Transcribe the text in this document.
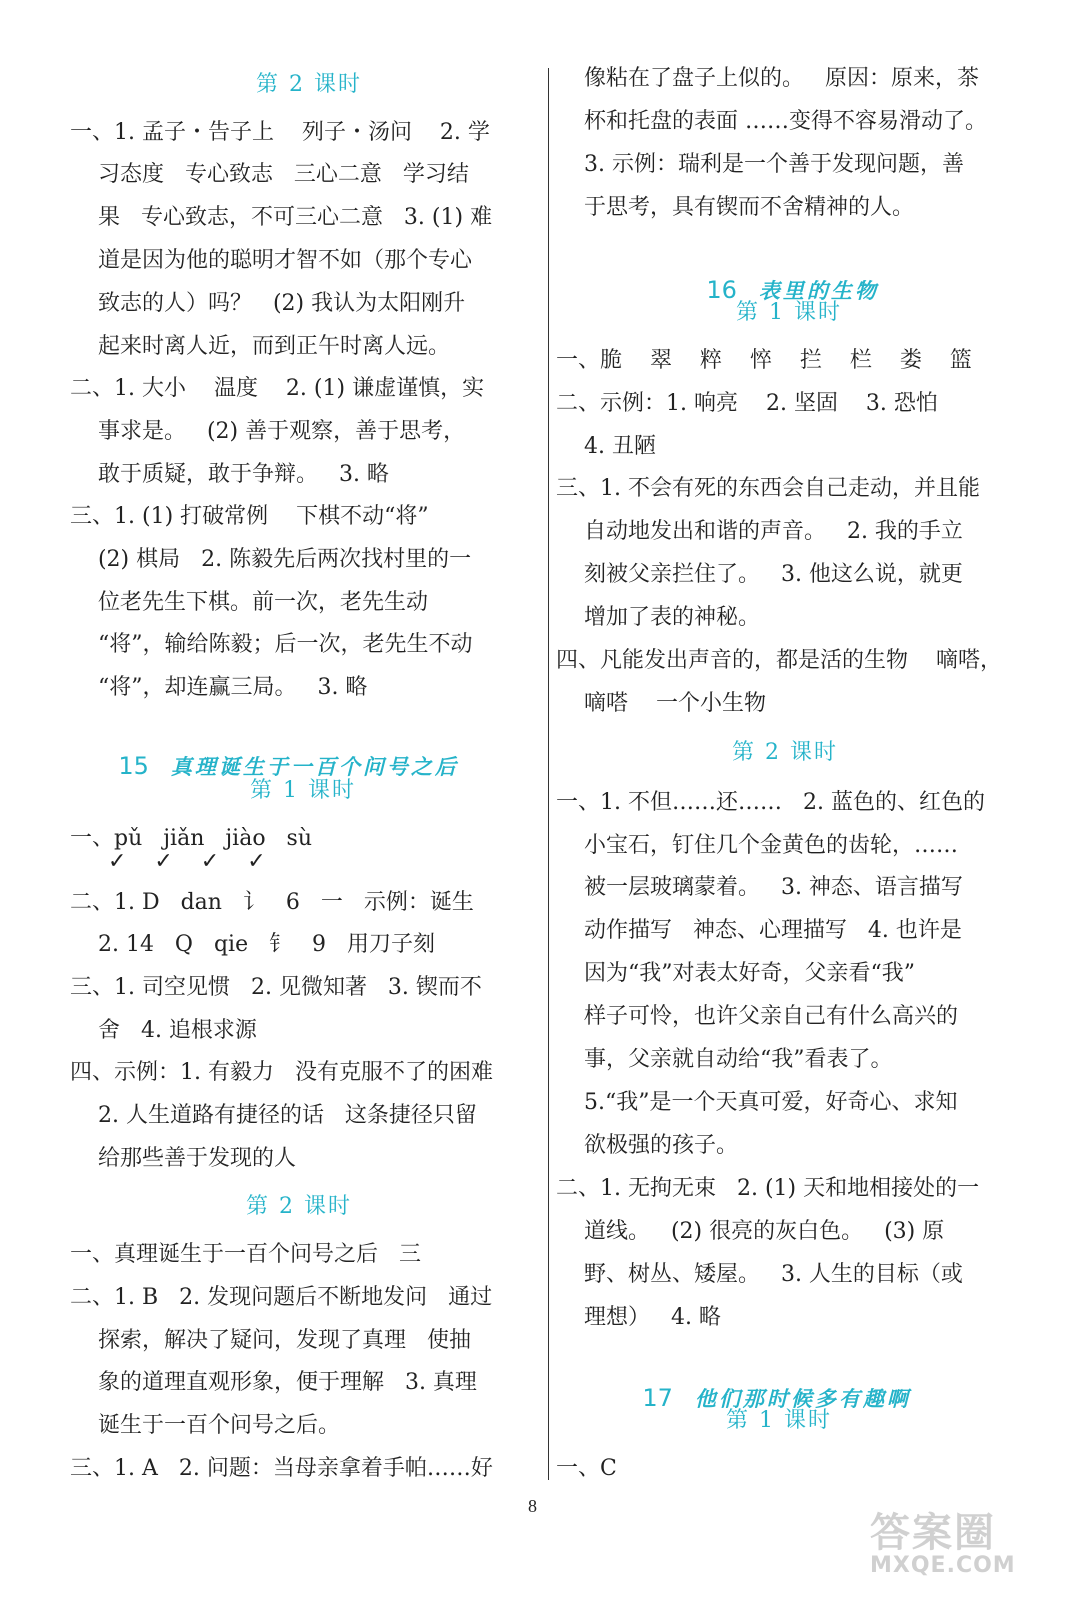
第 2 课时
一、1. 孟子・告子上    列子・汤问    2. 学
习态度   专心致志   三心二意   学习结
果   专心致志，不可三心二意   3. (1) 难
道是因为他的聪明才智不如（那个专心
致志的人）吗？   (2) 我认为太阳刚升
起来时离人近，而到正午时离人远。
二、1. 大小    温度    2. (1) 谦虚谨慎，实
事求是。   (2) 善于观察，善于思考，
敢于质疑，敢于争辩。   3. 略
三、1. (1) 打破常例    下棋不动“将”
(2) 棋局   2. 陈毅先后两次找村里的一
位老先生下棋。前一次，老先生动
“将”，输给陈毅；后一次，老先生不动
“将”，却连赢三局。   3. 略

15 真理诞生于一百个问号之后

第 1 课时
一、pǔ   jiǎn   jiào   sù
✓    ✓    ✓    ✓
二、1. D   dan   讠   6   一   示例：诞生
2. 14   Q   qie   钅   9   用刀子刻
三、1. 司空见惯   2. 见微知著   3. 锲而不
舍   4. 追根求源
四、示例：1. 有毅力   没有克服不了的困难
2. 人生道路有捷径的话   这条捷径只留
给那些善于发现的人
第 2 课时
一、真理诞生于一百个问号之后   三
二、1. B   2. 发现问题后不断地发问   通过
探索，解决了疑问，发现了真理   使抽
象的道理直观形象，便于理解   3. 真理
诞生于一百个问号之后。
三、1. A   2. 问题：当母亲拿着手帕……好
像粘在了盘子上似的。   原因：原来，茶
杯和托盘的表面 ……变得不容易滑动了。
3. 示例：瑞利是一个善于发现问题，善
于思考，具有锲而不舍精神的人。

16 表里的生物

第 1 课时
一、脆    翠    粹    悴    拦    栏    娄    篮
二、示例：1. 响亮    2. 坚固    3. 恐怕
4. 丑陋
三、1. 不会有死的东西会自己走动，并且能
自动地发出和谐的声音。   2. 我的手立
刻被父亲拦住了。   3. 他这么说，就更
增加了表的神秘。
四、凡能发出声音的，都是活的生物    嘀嗒，
嘀嗒    一个小生物
第 2 课时
一、1. 不但……还……   2. 蓝色的、红色的
小宝石，钉住几个金黄色的齿轮，……
被一层玻璃蒙着。   3. 神态、语言描写
动作描写   神态、心理描写   4. 也许是
因为“我”对表太好奇，父亲看“我”
样子可怜，也许父亲自己有什么高兴的
事，父亲就自动给“我”看表了。
5.“我”是一个天真可爱，好奇心、求知
欲极强的孩子。
二、1. 无拘无束   2. (1) 天和地相接处的一
道线。   (2) 很亮的灰白色。   (3) 原
野、树丛、矮屋。   3. 人生的目标（或
理想）   4. 略

17 他们那时候多有趣啊

第 1 课时
一、C
8
答案圈
MXQE.COM
